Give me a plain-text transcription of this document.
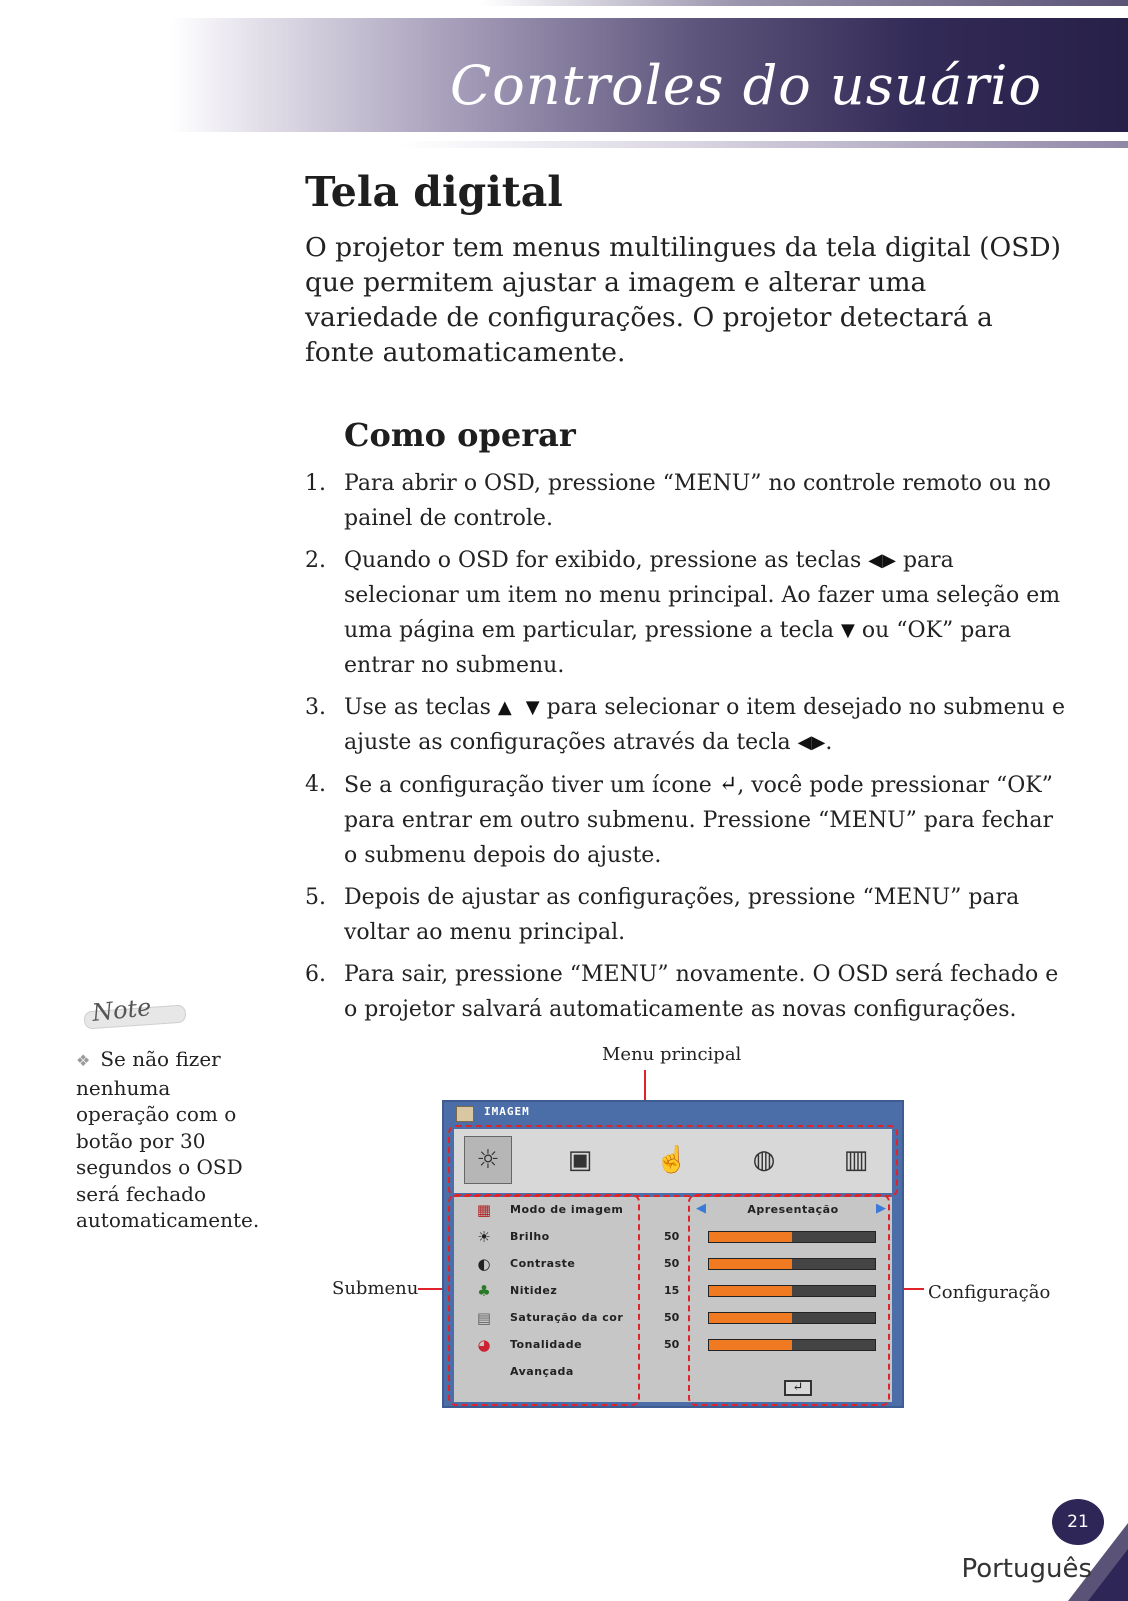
Controles do usuário
Tela digital

O projetor tem menus multilingues da tela digital (OSD) que permitem ajustar a imagem e alterar uma variedade de configurações. O projetor detectará a fonte automaticamente.

Como operar
1. Para abrir o OSD, pressione “MENU” no controle remoto ou no painel de controle.
2. Quando o OSD for exibido, pressione as teclas ◀▶ para selecionar um item no menu principal. Ao fazer uma seleção em uma página em particular, pressione a tecla ▼ ou “OK” para entrar no submenu.
3. Use as teclas ▲ ▼ para selecionar o item desejado no submenu e ajuste as configurações através da tecla ◀▶.
4. Se a configuração tiver um ícone ↵, você pode pressionar “OK” para entrar em outro submenu. Pressione “MENU” para fechar o submenu depois do ajuste.
5. Depois de ajustar as configurações, pressione “MENU” para voltar ao menu principal.
6. Para sair, pressione “MENU” novamente. O OSD será fechado e o projetor salvará automaticamente as novas configurações.
Note

❖ Se não fizer nenhuma operação com o botão por 30 segundos o OSD será fechado automaticamente.

Menu principal

Submenu	Configuração

IMAGEM
☼	▣	☝	◍	▥
▦ Modo de imagem
☀ Brilho	50
◐	Contraste	50
♣ Nitidez	15
▤ Saturação da cor	50
◕	Tonalidade	50
Avançada
◀	Apresentação	▶
↵
21

Português
